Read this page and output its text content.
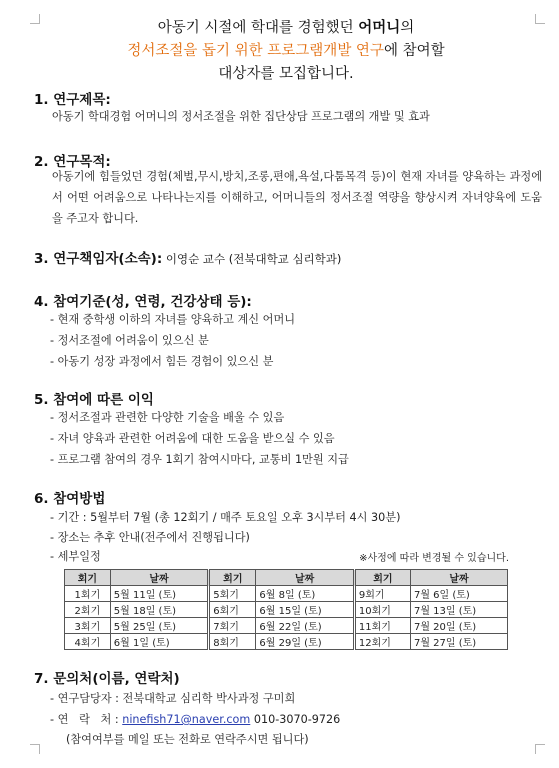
아동기 시절에 학대를 경험했던 어머니의
정서조절을 돕기 위한 프로그램개발 연구에 참여할
대상자를 모집합니다.
1. 연구제목:
아동기 학대경험 어머니의 정서조절을 위한 집단상담 프로그램의 개발 및 효과
2. 연구목적:
아동기에 힘들었던 경험(체벌,무시,방치,조롱,편애,욕설,다툼목격 등)이 현재 자녀를 양육하는 과정에서 어떤 어려움으로 나타나는지를 이해하고, 어머니들의 정서조절 역량을 향상시켜 자녀양육에 도움을 주고자 합니다.
3. 연구책임자(소속): 이영순 교수 (전북대학교 심리학과)
4. 참여기준(성, 연령, 건강상태 등):
- 현재 중학생 이하의 자녀를 양육하고 계신 어머니
- 정서조절에 어려움이 있으신 분
- 아동기 성장 과정에서 힘든 경험이 있으신 분
5. 참여에 따른 이익
- 정서조절과 관련한 다양한 기술을 배울 수 있음
- 자녀 양육과 관련한 어려움에 대한 도움을 받으실 수 있음
- 프로그램 참여의 경우 1회기 참여시마다, 교통비 1만원 지급
6. 참여방법
- 기간 : 5월부터 7월 (총 12회기 / 매주 토요일 오후 3시부터 4시 30분)
- 장소는 추후 안내(전주에서 진행됩니다)
- 세부일정	※사정에 따라 변경될 수 있습니다.
회기	날짜	회기	날짜	회기	날짜
1회기	5월 11일 (토)	5회기	6월 8일 (토)	9회기	7월 6일 (토)
2회기	5월 18일 (토)	6회기	6월 15일 (토)	10회기	7월 13일 (토)
3회기	5월 25일 (토)	7회기	6월 22일 (토)	11회기	7월 20일 (토)
4회기	6월 1일 (토)	8회기	6월 29일 (토)	12회기	7월 27일 (토)
7. 문의처(이름, 연락처)
- 연구담당자 : 전북대학교 심리학 박사과정 구미희
- 연   락   처 : ninefish71@naver.com 010-3070-9726
(참여여부를 메일 또는 전화로 연락주시면 됩니다)
